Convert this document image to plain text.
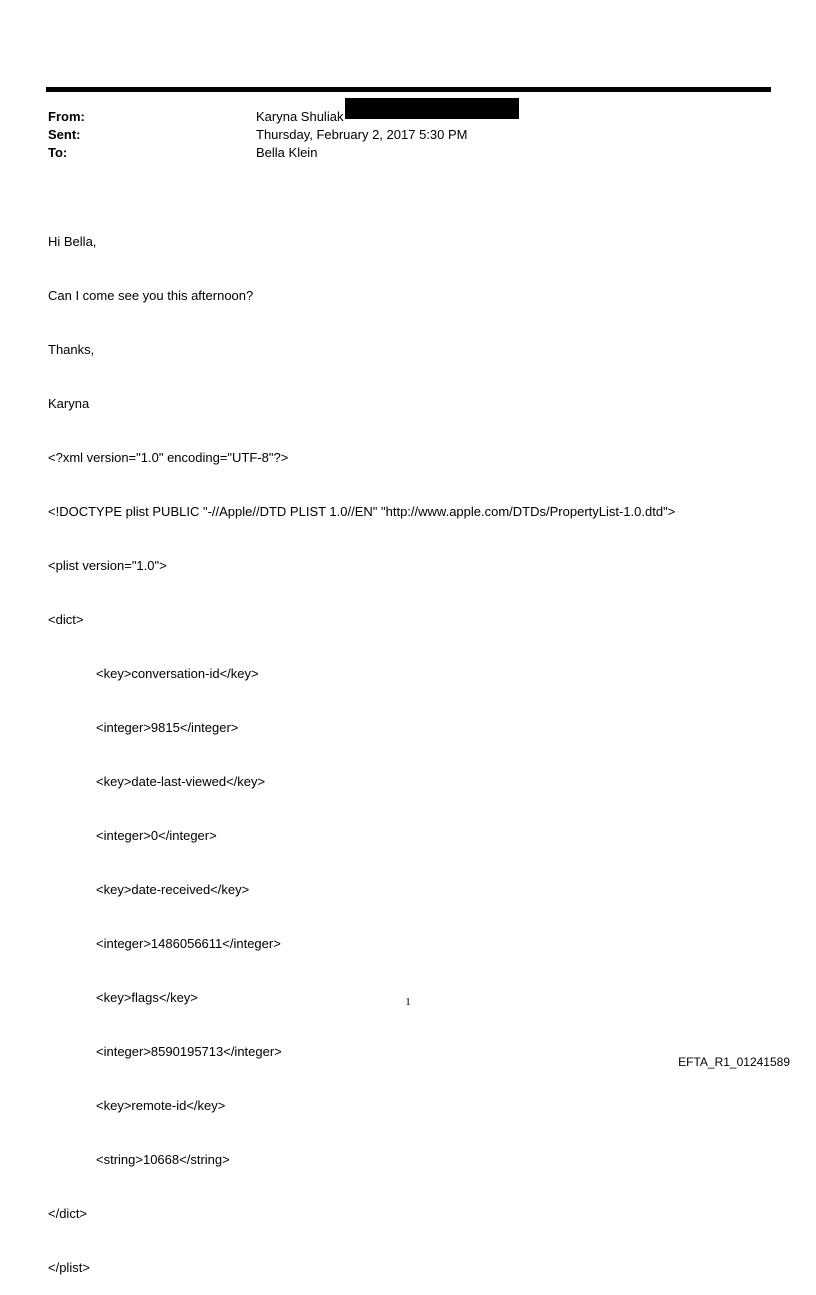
From:	Karyna Shuliak
Sent:	Thursday, February 2, 2017 5:30 PM
To:	Bella Klein

Hi Bella,

Can I come see you this afternoon?

Thanks,

Karyna

<?xml version="1.0" encoding="UTF-8"?>

<!DOCTYPE plist PUBLIC "-//Apple//DTD PLIST 1.0//EN" "http://www.apple.com/DTDs/PropertyList-1.0.dtd">

<plist version="1.0">

<dict>

<key>conversation-id</key>

<integer>9815</integer>

<key>date-last-viewed</key>

<integer>0</integer>

<key>date-received</key>

<integer>1486056611</integer>

<key>flags</key>

<integer>8590195713</integer>

<key>remote-id</key>

<string>10668</string>

</dict>

</plist>

1
EFTA_R1_01241589
